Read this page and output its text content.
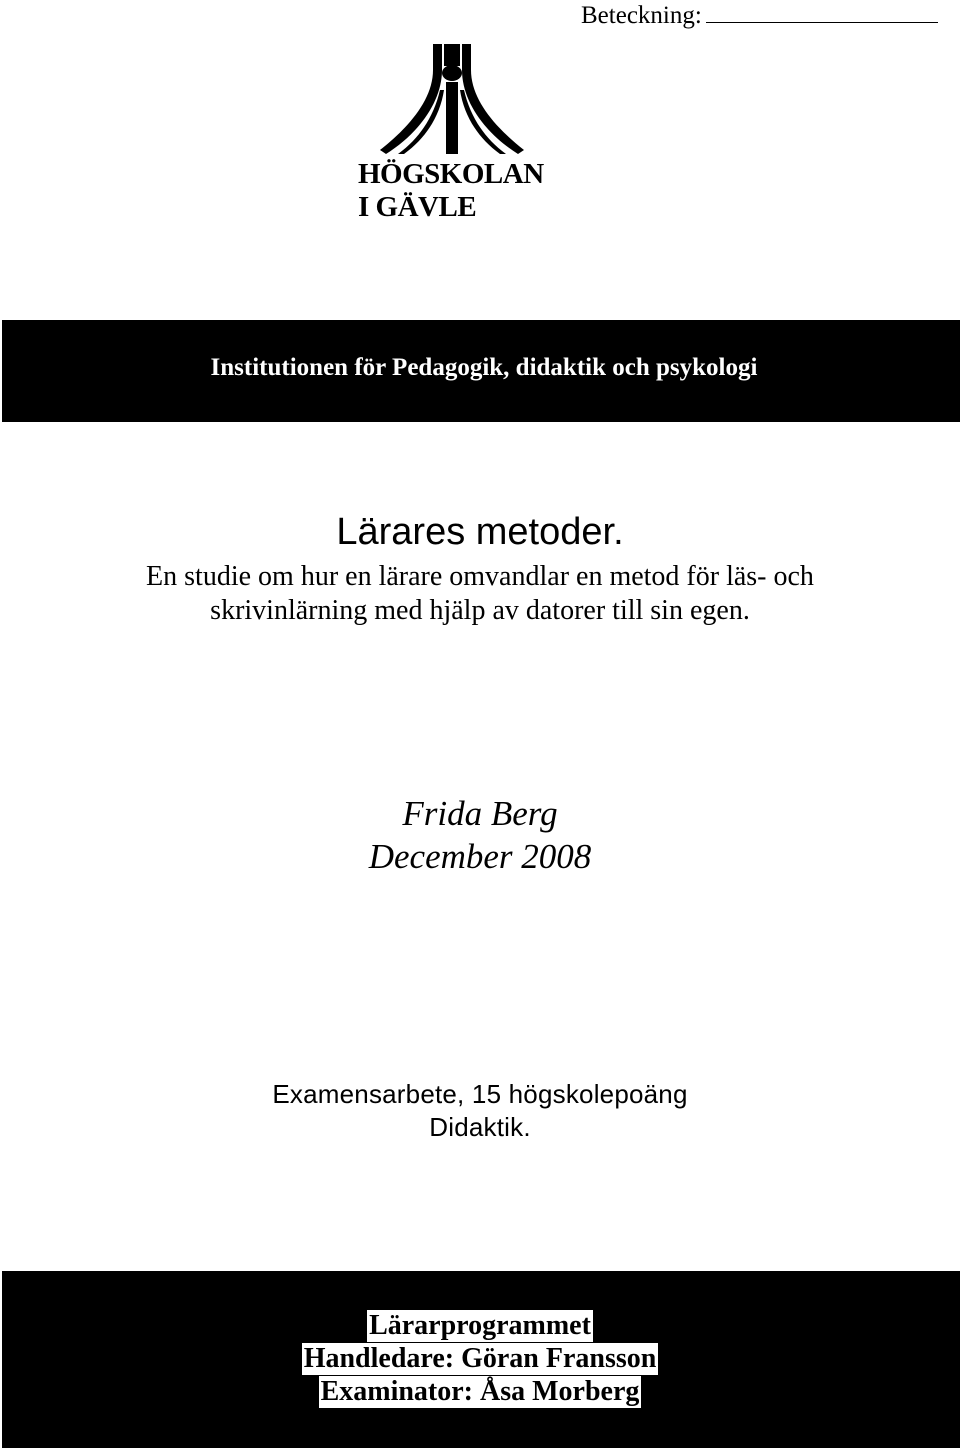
Beteckning:
HÖGSKOLAN
I GÄVLE
Institutionen för Pedagogik, didaktik och psykologi
Lärares metoder.
En studie om hur en lärare omvandlar en metod för läs- och
skrivinlärning med hjälp av datorer till sin egen.
Frida Berg
December 2008
Examensarbete, 15 högskolepoäng
Didaktik.
Lärarprogrammet
Handledare: Göran Fransson
Examinator: Åsa Morberg
